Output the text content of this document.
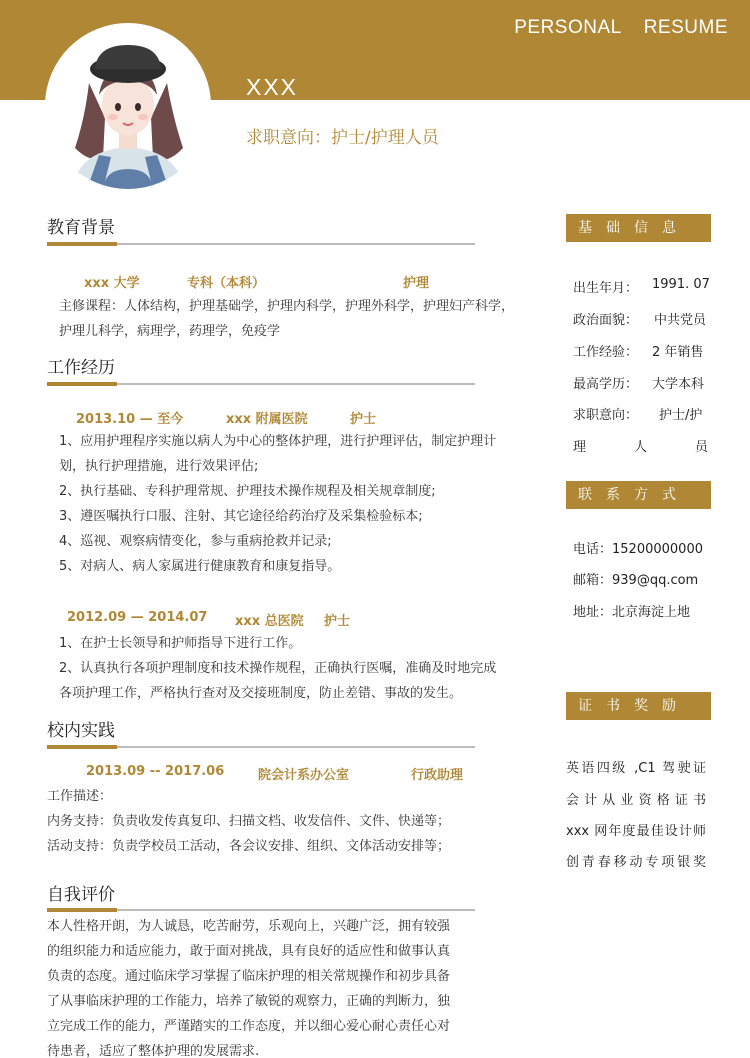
PERSONAL RESUME
XXX
求职意向：护士/护理人员
教育背景
xxx 大学	专科（本科）	护理

主修课程：人体结构，护理基础学，护理内科学，护理外科学，护理妇产科学，

护理儿科学，病理学，药理学，免疫学

工作经历
2013.10 — 至今	xxx 附属医院	护士

1、应用护理程序实施以病人为中心的整体护理，进行护理评估，制定护理计

划，执行护理措施，进行效果评估;

2、执行基础、专科护理常规、护理技术操作规程及相关规章制度;

3、遵医嘱执行口服、注射、其它途径给药治疗及采集检验标本;

4、巡视、观察病情变化，参与重病抢救并记录;

5、对病人、病人家属进行健康教育和康复指导。

2012.09 — 2014.07 xxx 总医院 护士

1、在护士长领导和护师指导下进行工作。

2、认真执行各项护理制度和技术操作规程，正确执行医嘱，准确及时地完成

各项护理工作，严格执行查对及交接班制度，防止差错、事故的发生。

校内实践
2013.09 -- 2017.06	院会计系办公室	行政助理

工作描述：

内务支持：负责收发传真复印、扫描文档、收发信件、文件、快递等；

活动支持：负责学校员工活动，各会议安排、组织、文体活动安排等；

自我评价

本人性格开朗，为人诚恳，吃苦耐劳，乐观向上，兴趣广泛，拥有较强

的组织能力和适应能力，敢于面对挑战，具有良好的适应性和做事认真

负责的态度。通过临床学习掌握了临床护理的相关常规操作和初步具备

了从事临床护理的工作能力，培养了敏锐的观察力，正确的判断力，独

立完成工作的能力，严谨踏实的工作态度，并以细心爱心耐心责任心对

待患者，适应了整体护理的发展需求.

基础信息
出生年月： 1991. 07
政治面貌： 中共党员
工作经验： 2 年销售
最高学历： 大学本科
求职意向： 护士/护
理人员
联系方式
电话：15200000000
邮箱：939@qq.com
地址：北京海淀上地
证书奖励
英语四级 ,C1 驾驶证
会计从业资格证书
xxx 网年度最佳设计师
创青春移动专项银奖
